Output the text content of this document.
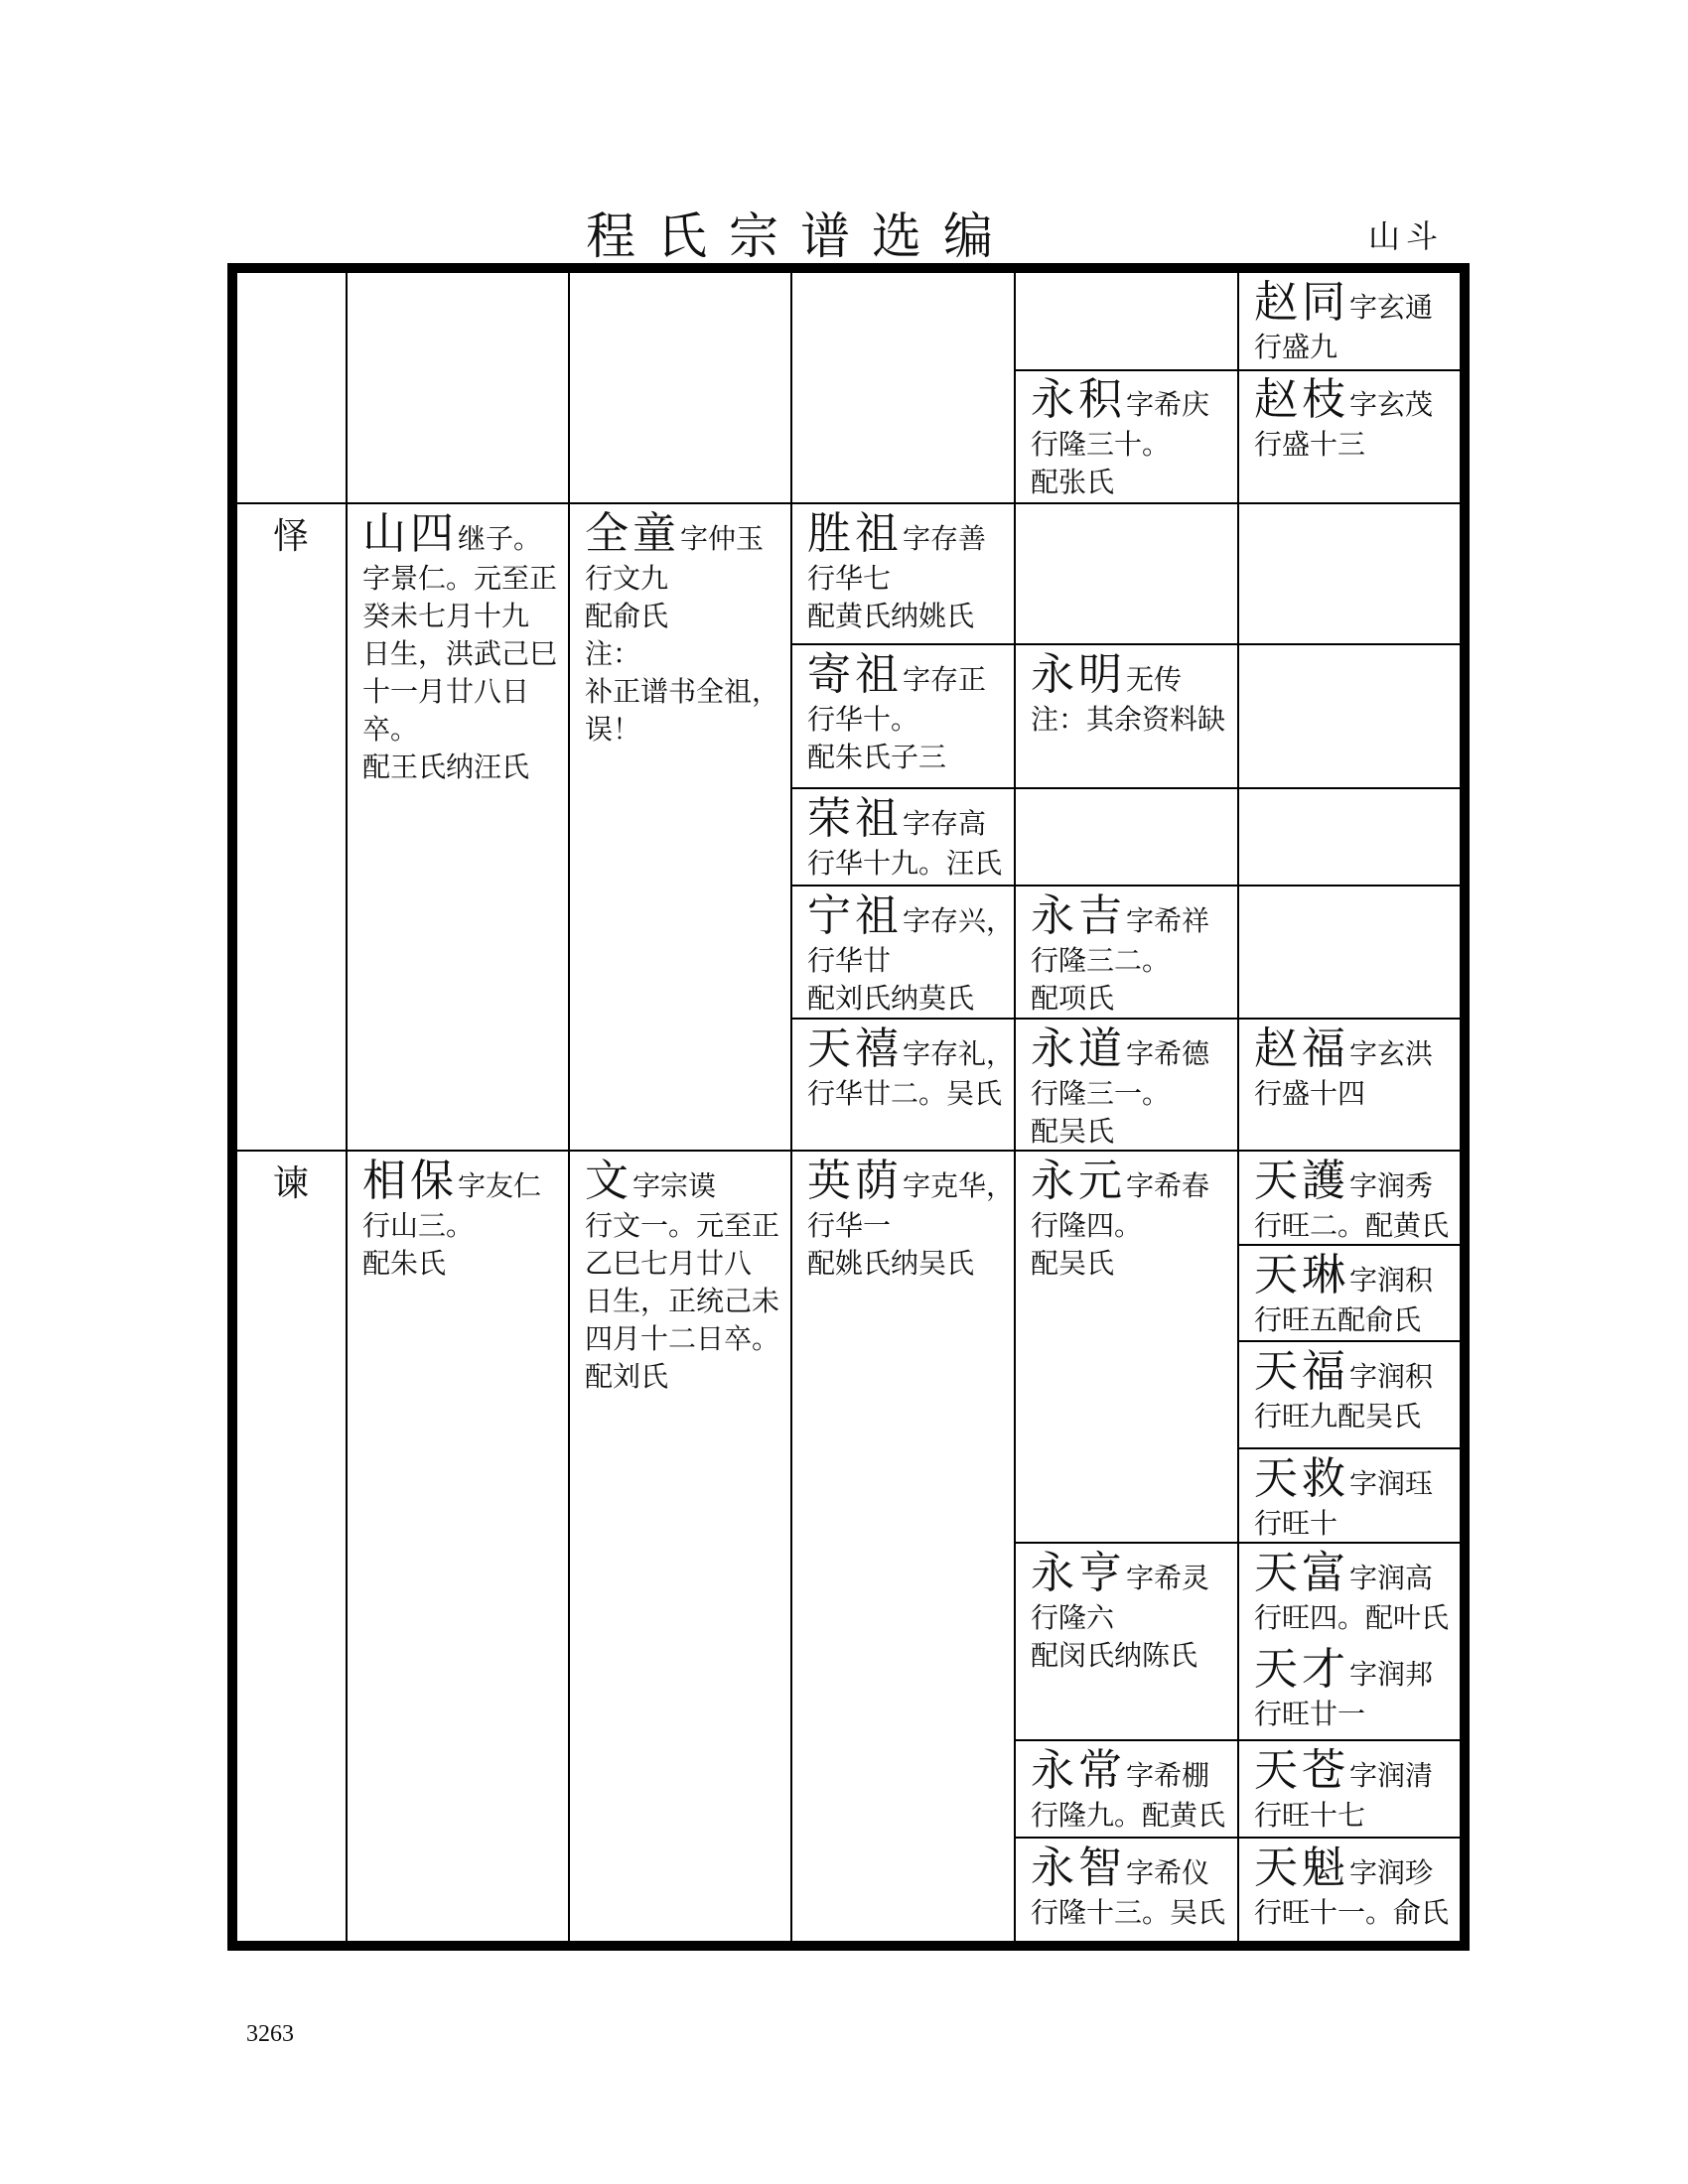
程氏宗谱选编	山斗
赵同字玄通
行盛九
永积字希庆
行隆三十。
配张氏
赵枝字玄茂
行盛十三
怿 山四继子。
字景仁。元至正
癸未七月十九
日生，洪武己巳
十一月廿八日
卒。
配王氏纳汪氏
全童字仲玉
行文九
配俞氏
注：
补正谱书全祖，
误！
胜祖字存善
行华七
配黄氏纳姚氏
寄祖字存正
行华十。
配朱氏子三
永明无传
注：其余资料缺
荣祖字存高
行华十九。汪氏
宁祖字存兴，
行华廿
配刘氏纳莫氏
永吉字希祥
行隆三二。
配项氏
天禧字存礼，
行华廿二。吴氏
永道字希德
行隆三一。
配吴氏
赵福字玄洪
行盛十四
谏 相保字友仁
行山三。
配朱氏
文字宗谟
行文一。元至正
乙巳七月廿八
日生，正统己未
四月十二日卒。
配刘氏
英荫字克华，
行华一
配姚氏纳吴氏
永元字希春
行隆四。
配吴氏
天護字润秀
行旺二。配黄氏
天琳字润积
行旺五配俞氏
天福字润积
行旺九配吴氏
天救字润珏
行旺十
永亨字希灵
行隆六
配闵氏纳陈氏
天富字润高
行旺四。配叶氏
天才字润邦
行旺廿一
永常字希棚
行隆九。配黄氏
天苍字润清
行旺十七
永智字希仪
行隆十三。吴氏
天魁字润珍
行旺十一。俞氏
3263
